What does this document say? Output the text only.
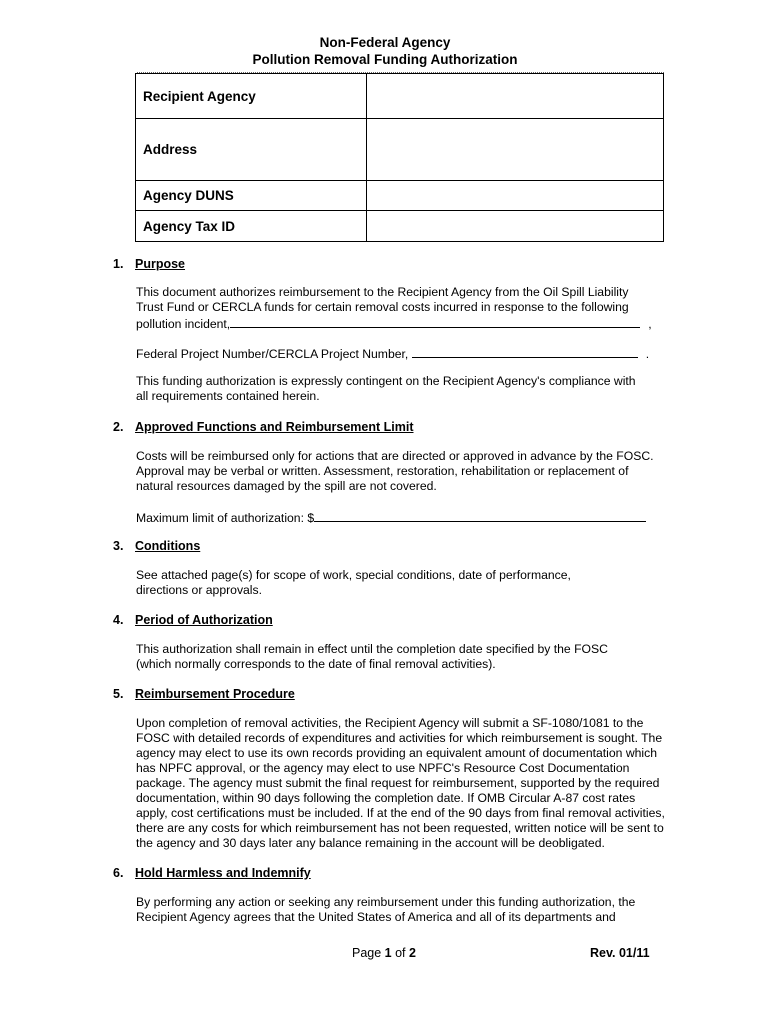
Non-Federal Agency
Pollution Removal Funding Authorization
Recipient Agency	
Address	
Agency DUNS	
Agency Tax ID	
1. Purpose
This document authorizes reimbursement to the Recipient Agency from the Oil Spill Liability
Trust Fund or CERCLA funds for certain removal costs incurred in response to the following
pollution incident,	,
Federal Project Number/CERCLA Project Number,	.
This funding authorization is expressly contingent on the Recipient Agency's compliance with
all requirements contained herein.
2. Approved Functions and Reimbursement Limit
Costs will be reimbursed only for actions that are directed or approved in advance by the FOSC.
Approval may be verbal or written. Assessment, restoration, rehabilitation or replacement of
natural resources damaged by the spill are not covered.
Maximum limit of authorization: $
3. Conditions
See attached page(s) for scope of work, special conditions, date of performance,
directions or approvals.
4. Period of Authorization
This authorization shall remain in effect until the completion date specified by the FOSC
(which normally corresponds to the date of final removal activities).
5. Reimbursement Procedure
Upon completion of removal activities, the Recipient Agency will submit a SF-1080/1081 to the
FOSC with detailed records of expenditures and activities for which reimbursement is sought. The
agency may elect to use its own records providing an equivalent amount of documentation which
has NPFC approval, or the agency may elect to use NPFC's Resource Cost Documentation
package. The agency must submit the final request for reimbursement, supported by the required
documentation, within 90 days following the completion date. If OMB Circular A-87 cost rates
apply, cost certifications must be included. If at the end of the 90 days from final removal activities,
there are any costs for which reimbursement has not been requested, written notice will be sent to
the agency and 30 days later any balance remaining in the account will be deobligated.
6. Hold Harmless and Indemnify
By performing any action or seeking any reimbursement under this funding authorization, the
Recipient Agency agrees that the United States of America and all of its departments and
Page 1 of 2	Rev. 01/11
